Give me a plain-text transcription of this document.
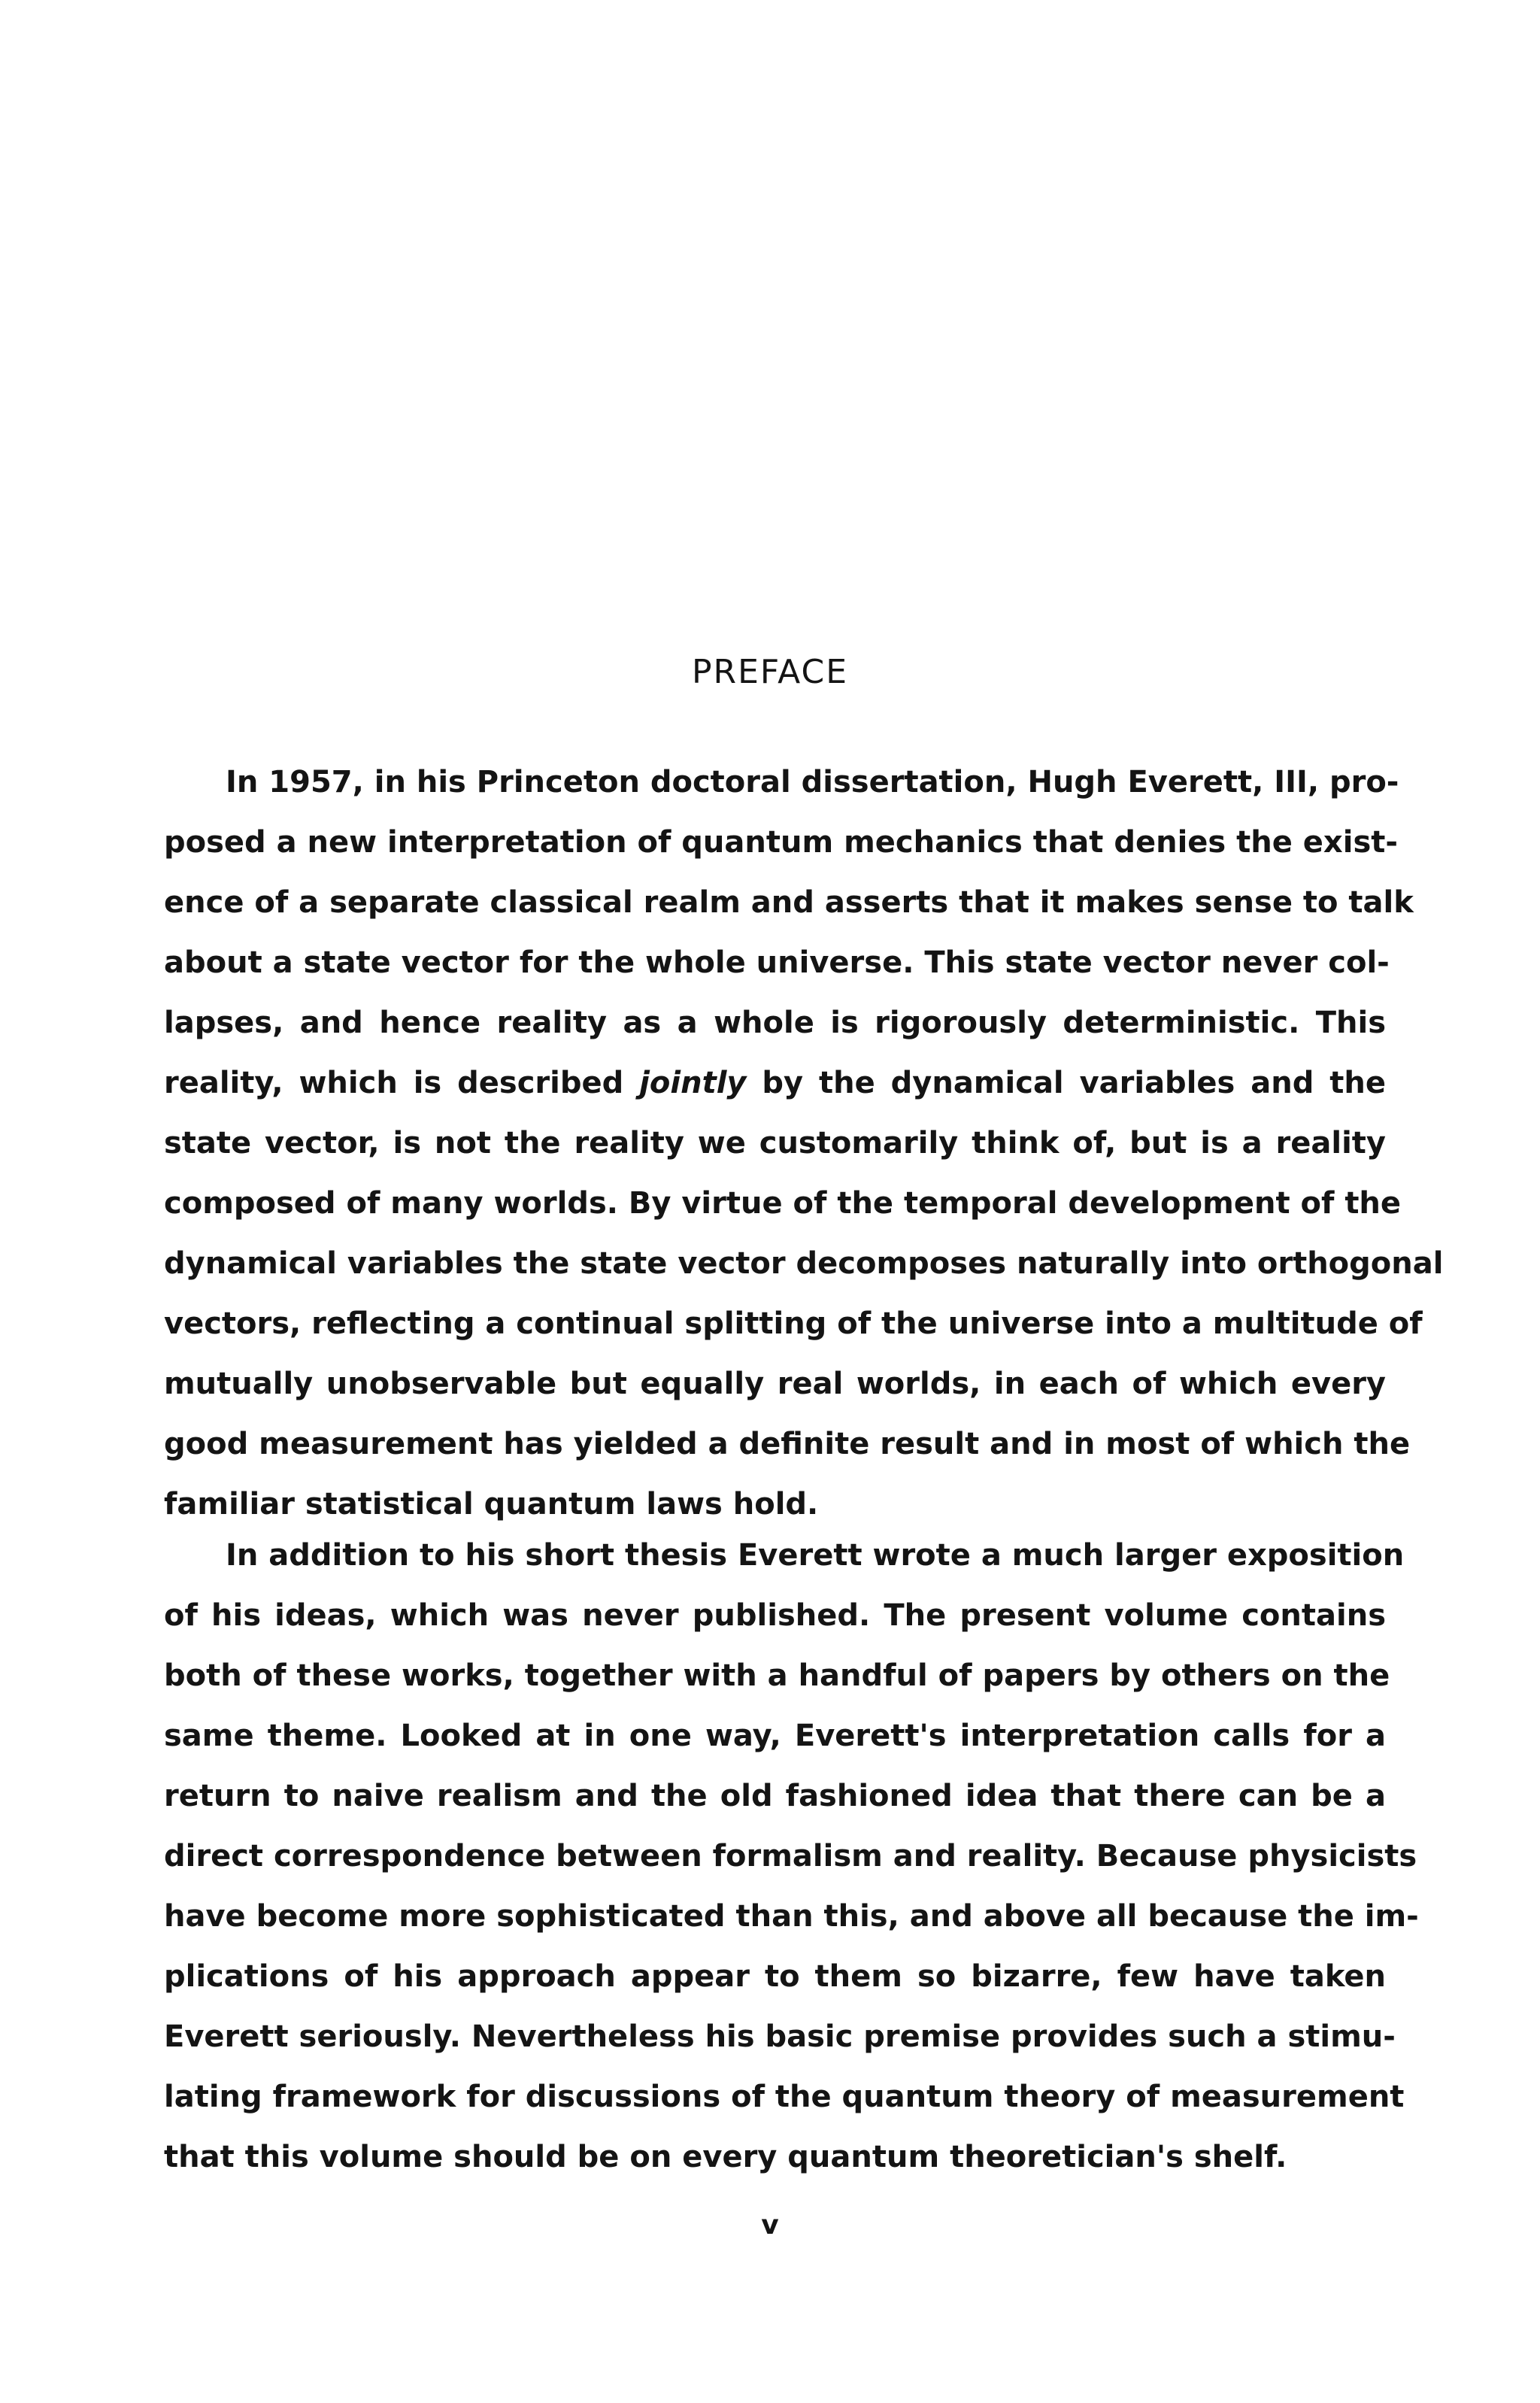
PREFACE
In 1957, in his Princeton doctoral dissertation, Hugh Everett, III, pro-
posed a new interpretation of quantum mechanics that denies the exist-
ence of a separate classical realm and asserts that it makes sense to talk
about a state vector for the whole universe. This state vector never col-
lapses, and hence reality as a whole is rigorously deterministic. This
reality, which is described jointly by the dynamical variables and the
state vector, is not the reality we customarily think of, but is a reality
composed of many worlds. By virtue of the temporal development of the
dynamical variables the state vector decomposes naturally into orthogonal
vectors, reflecting a continual splitting of the universe into a multitude of
mutually unobservable but equally real worlds, in each of which every
good measurement has yielded a definite result and in most of which the
familiar statistical quantum laws hold.
In addition to his short thesis Everett wrote a much larger exposition
of his ideas, which was never published. The present volume contains
both of these works, together with a handful of papers by others on the
same theme. Looked at in one way, Everett's interpretation calls for a
return to naive realism and the old fashioned idea that there can be a
direct correspondence between formalism and reality. Because physicists
have become more sophisticated than this, and above all because the im-
plications of his approach appear to them so bizarre, few have taken
Everett seriously. Nevertheless his basic premise provides such a stimu-
lating framework for discussions of the quantum theory of measurement
that this volume should be on every quantum theoretician's shelf.
v
